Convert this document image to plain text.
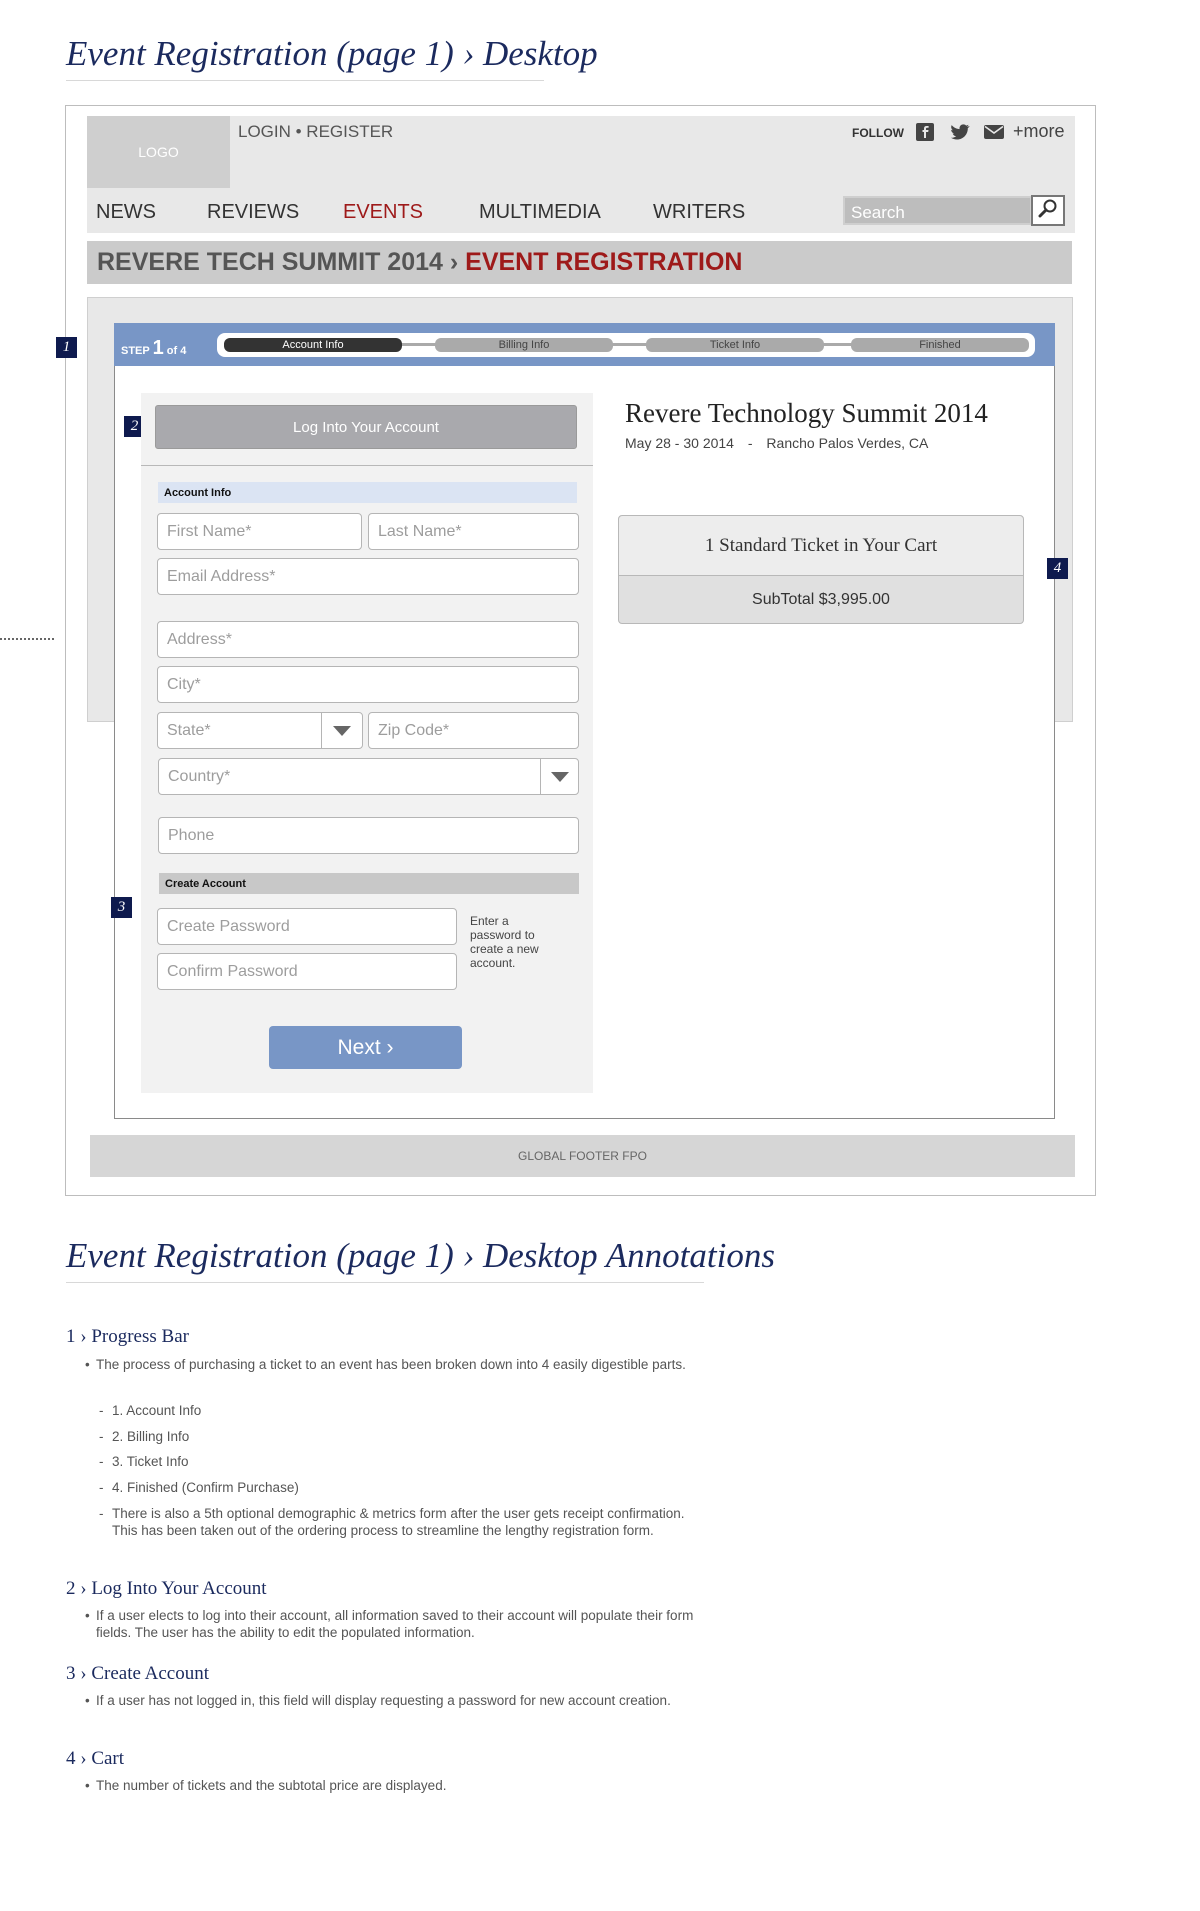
Event Registration (page 1) › Desktop
LOGO
LOGIN • REGISTER	FOLLOW	+more
NEWS	REVIEWS EVENTS	MULTIMEDIA	WRITERS	Search
REVERE TECH SUMMIT 2014 › EVENT REGISTRATION
STEP 1 of 4	Account Info	Billing Info	Ticket Info	Finished
1
2
3
4
Log Into Your Account
Account Info
First Name*	Last Name*
Email Address*
Address*
City*
State*	Zip Code*
Country*
Phone
Create Account
Create Password
Confirm Password
Enter a password to create a new account.
Next ›
Revere Technology Summit 2014
May 28 - 30 2014 - Rancho Palos Verdes, CA
1 Standard Ticket in Your Cart
SubTotal $3,995.00
GLOBAL FOOTER FPO
Event Registration (page 1) › Desktop Annotations
1 › Progress Bar
• The process of purchasing a ticket to an event has been broken down into 4 easily digestible parts.
- 1. Account Info
- 2. Billing Info
- 3. Ticket Info
- 4. Finished (Confirm Purchase)
- There is also a 5th optional demographic & metrics form after the user gets receipt confirmation. This has been taken out of the ordering process to streamline the lengthy registration form.
2 › Log Into Your Account
• If a user elects to log into their account, all information saved to their account will populate their form fields. The user has the ability to edit the populated information.
3 › Create Account
• If a user has not logged in, this field will display requesting a password for new account creation.
4 › Cart
• The number of tickets and the subtotal price are displayed.
